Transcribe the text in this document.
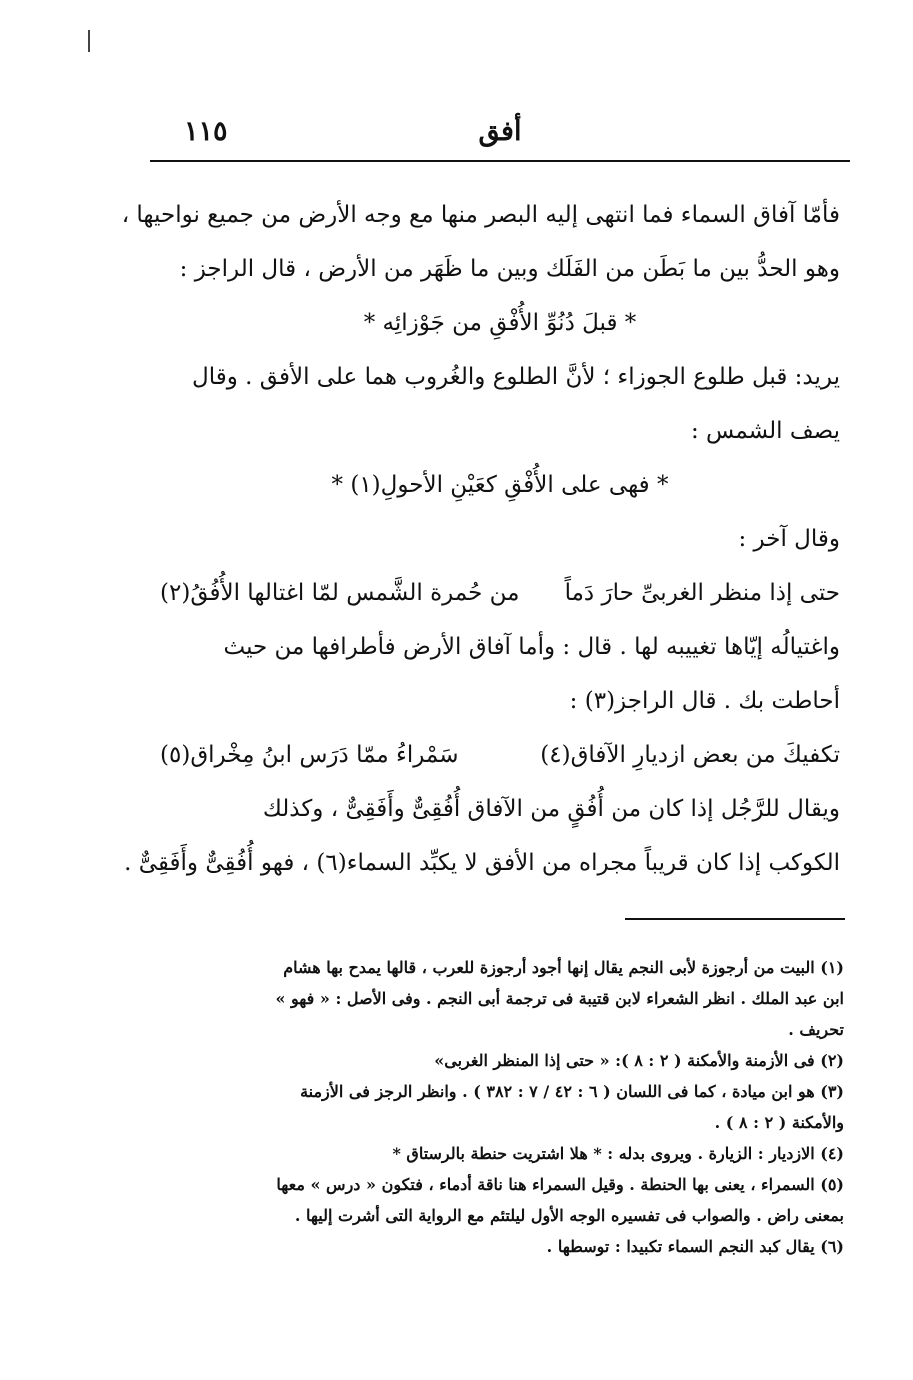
١١٥	أفق
فأمّا آفاق السماء فما انتهى إليه البصر منها مع وجه الأرض من جميع نواحيها ،
وهو الحدُّ بين ما بَطَن من الفَلَك وبين ما ظَهَر من الأرض ، قال الراجز :
* قبلَ دُنُوِّ الأُفْقِ من جَوْزائِه *
يريد: قبل طلوع الجوزاء ؛ لأنَّ الطلوع والغُروب هما على الأفق . وقال
يصف الشمس :
* فهى على الأُفْقِ كعَيْنِ الأحولِ(١) *
وقال آخر :
حتى إذا منظر الغربىِّ حارَ دَماً
من حُمرة الشَّمس لمّا اغتالها الأُفُقُ(٢)
واغتيالُه إيّاها تغييبه لها . قال : وأما آفاق الأرض فأطرافها من حيث
أحاطت بك . قال الراجز(٣) :
تكفيكَ من بعض ازديارِ الآفاق(٤)
سَمْراءُ ممّا دَرَس ابنُ مِخْراق(٥)
ويقال للرَّجُل إذا كان من أُفُقٍ من الآفاق أُفُقِىٌّ وأَفَقِىٌّ ، وكذلك
الكوكب إذا كان قريباً مجراه من الأفق لا يكبِّد السماء(٦) ، فهو أُفُقِىٌّ وأَفَقِىٌّ .
(١) البيت من أرجوزة لأبى النجم يقال إنها أجود أرجوزة للعرب ، قالها يمدح بها هشام
ابن عبد الملك . انظر الشعراء لابن قتيبة فى ترجمة أبى النجم . وفى الأصل : « فهو »
تحريف .
(٢) فى الأزمنة والأمكنة ( ٢ : ٨ ): « حتى إذا المنظر الغربى»
(٣) هو ابن ميادة ، كما فى اللسان ( ٦ : ٤٢ / ٧ : ٣٨٢ ) . وانظر الرجز فى الأزمنة
والأمكنة ( ٢ : ٨ ) .
(٤) الازديار : الزيارة . ويروى بدله : * هلا اشتريت حنطة بالرستاق *
(٥) السمراء ، يعنى بها الحنطة . وقيل السمراء هنا ناقة أدماء ، فتكون « درس » معها
بمعنى راض . والصواب فى تفسيره الوجه الأول ليلتئم مع الرواية التى أشرت إليها .
(٦) يقال كبد النجم السماء تكبيدا : توسطها .
